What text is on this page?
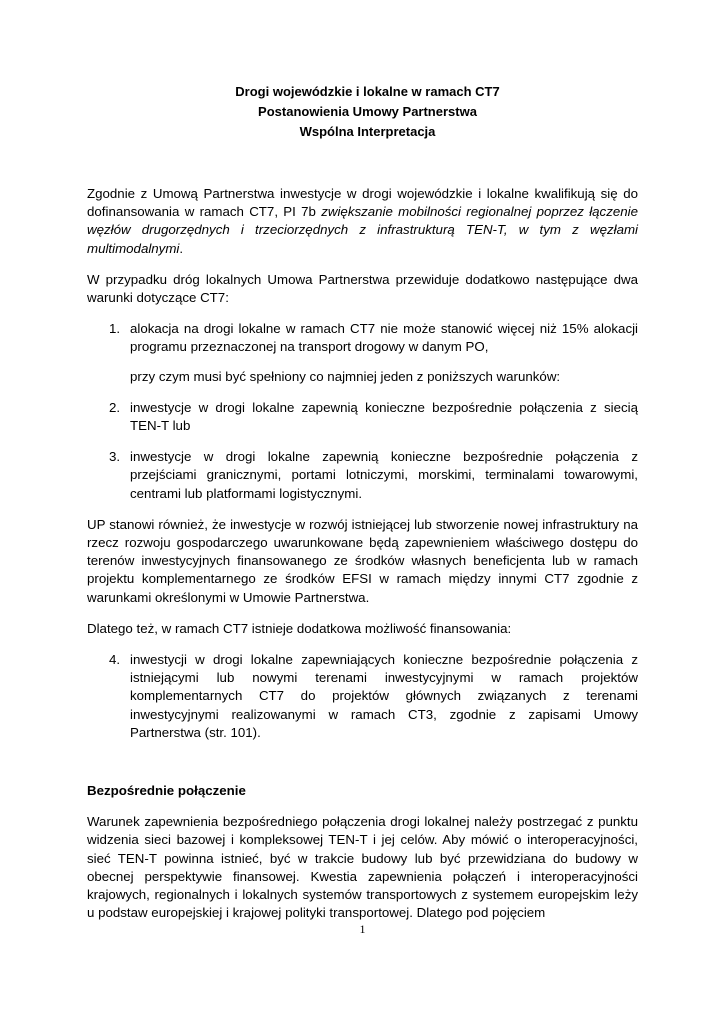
Drogi wojewódzkie i lokalne w ramach CT7
Postanowienia Umowy Partnerstwa
Wspólna Interpretacja

Zgodnie z Umową Partnerstwa inwestycje w drogi wojewódzkie i lokalne kwalifikują się do dofinansowania w ramach CT7, PI 7b zwiększanie mobilności regionalnej poprzez łączenie węzłów drugorzędnych i trzeciorzędnych z infrastrukturą TEN-T, w tym z węzłami multimodalnymi.

W przypadku dróg lokalnych Umowa Partnerstwa przewiduje dodatkowo następujące dwa warunki dotyczące CT7:

1. alokacja na drogi lokalne w ramach CT7 nie może stanowić więcej niż 15% alokacji programu przeznaczonej na transport drogowy w danym PO,
przy czym musi być spełniony co najmniej jeden z poniższych warunków:
2. inwestycje w drogi lokalne zapewnią konieczne bezpośrednie połączenia z siecią TEN-T lub
3. inwestycje w drogi lokalne zapewnią konieczne bezpośrednie połączenia z przejściami granicznymi, portami lotniczymi, morskimi, terminalami towarowymi, centrami lub platformami logistycznymi.

UP stanowi również, że inwestycje w rozwój istniejącej lub stworzenie nowej infrastruktury na rzecz rozwoju gospodarczego uwarunkowane będą zapewnieniem właściwego dostępu do terenów inwestycyjnych finansowanego ze środków własnych beneficjenta lub w ramach projektu komplementarnego ze środków EFSI w ramach między innymi CT7 zgodnie z warunkami określonymi w Umowie Partnerstwa.

Dlatego też, w ramach CT7 istnieje dodatkowa możliwość finansowania:

4. inwestycji w drogi lokalne zapewniających konieczne bezpośrednie połączenia z istniejącymi lub nowymi terenami inwestycyjnymi w ramach projektów komplementarnych CT7 do projektów głównych związanych z terenami inwestycyjnymi realizowanymi w ramach CT3, zgodnie z zapisami Umowy Partnerstwa (str. 101).
Bezpośrednie połączenie

Warunek zapewnienia bezpośredniego połączenia drogi lokalnej należy postrzegać z punktu widzenia sieci bazowej i kompleksowej TEN-T i jej celów. Aby mówić o interoperacyjności, sieć TEN-T powinna istnieć, być w trakcie budowy lub być przewidziana do budowy w obecnej perspektywie finansowej. Kwestia zapewnienia połączeń i interoperacyjności krajowych, regionalnych i lokalnych systemów transportowych z systemem europejskim leży u podstaw europejskiej i krajowej polityki transportowej. Dlatego pod pojęciem

1
